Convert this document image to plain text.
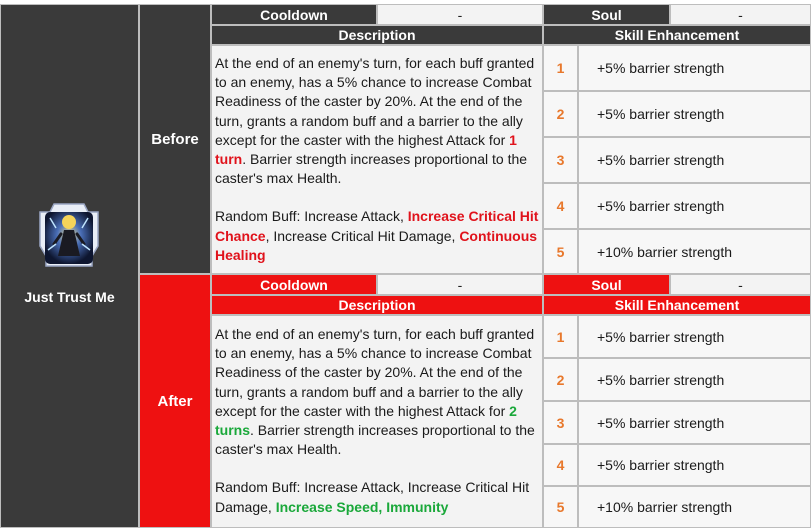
Just Trust Me
Before
Cooldown	-	Soul	-
Description	Skill Enhancement

At the end of an enemy's turn, for each buff granted to an enemy, has a 5% chance to increase Combat Readiness of the caster by 20%. At the end of the turn, grants a random buff and a barrier to the ally except for the caster with the highest Attack for 1 turn. Barrier strength increases proportional to the caster's max Health.

Random Buff: Increase Attack, Increase Critical Hit Chance, Increase Critical Hit Damage, Continuous Healing

1	+5% barrier strength
2	+5% barrier strength
3	+5% barrier strength
4	+5% barrier strength
5	+10% barrier strength
After
Cooldown	-	Soul	-
Description	Skill Enhancement

At the end of an enemy's turn, for each buff granted to an enemy, has a 5% chance to increase Combat Readiness of the caster by 20%. At the end of the turn, grants a random buff and a barrier to the ally except for the caster with the highest Attack for 2 turns. Barrier strength increases proportional to the caster's max Health.

Random Buff: Increase Attack, Increase Critical Hit Damage, Increase Speed, Immunity

1	+5% barrier strength
2	+5% barrier strength
3	+5% barrier strength
4	+5% barrier strength
5	+10% barrier strength
